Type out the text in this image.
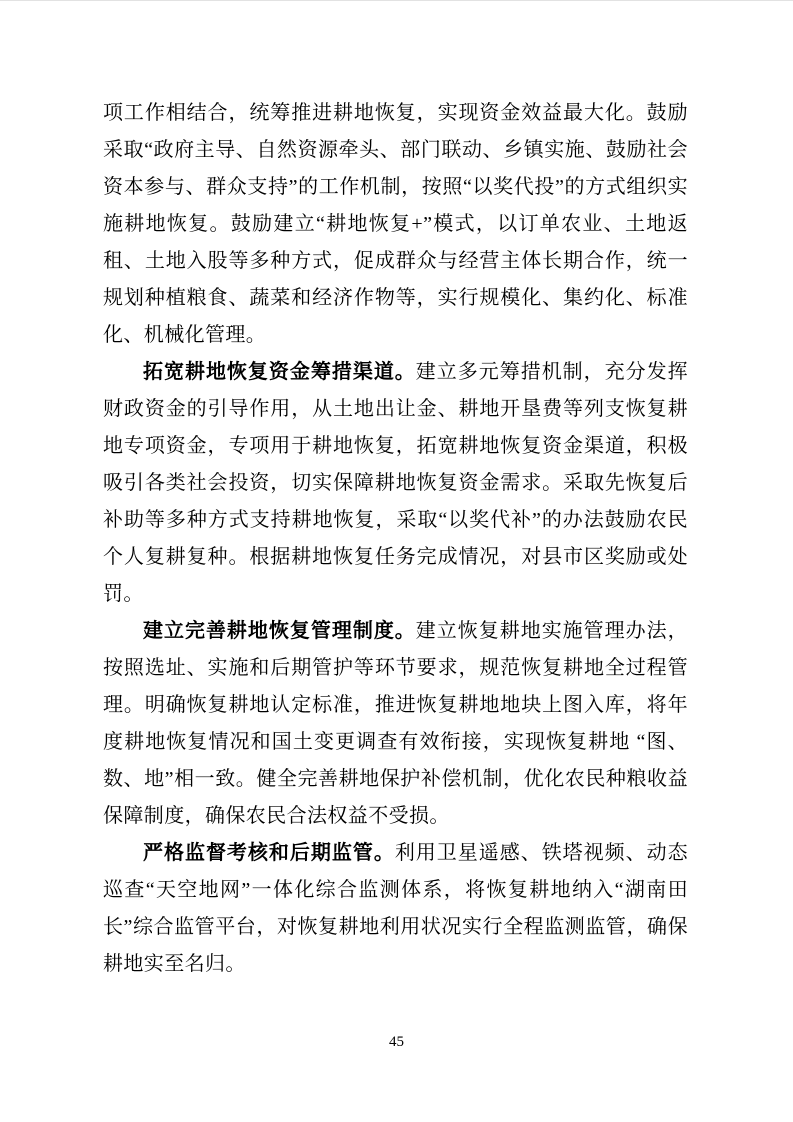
项工作相结合，统筹推进耕地恢复，实现资金效益最大化。鼓励采取“政府主导、自然资源牵头、部门联动、乡镇实施、鼓励社会资本参与、群众支持”的工作机制，按照“以奖代投”的方式组织实施耕地恢复。鼓励建立“耕地恢复+”模式，以订单农业、土地返租、土地入股等多种方式，促成群众与经营主体长期合作，统一规划种植粮食、蔬菜和经济作物等，实行规模化、集约化、标准化、机械化管理。

拓宽耕地恢复资金筹措渠道。建立多元筹措机制，充分发挥财政资金的引导作用，从土地出让金、耕地开垦费等列支恢复耕地专项资金，专项用于耕地恢复，拓宽耕地恢复资金渠道，积极吸引各类社会投资，切实保障耕地恢复资金需求。采取先恢复后补助等多种方式支持耕地恢复，采取“以奖代补”的办法鼓励农民个人复耕复种。根据耕地恢复任务完成情况，对县市区奖励或处罚。

建立完善耕地恢复管理制度。建立恢复耕地实施管理办法，按照选址、实施和后期管护等环节要求，规范恢复耕地全过程管理。明确恢复耕地认定标准，推进恢复耕地地块上图入库，将年度耕地恢复情况和国土变更调查有效衔接，实现恢复耕地 “图、数、地”相一致。健全完善耕地保护补偿机制，优化农民种粮收益保障制度，确保农民合法权益不受损。

严格监督考核和后期监管。利用卫星遥感、铁塔视频、动态巡查“天空地网”一体化综合监测体系，将恢复耕地纳入“湖南田长”综合监管平台，对恢复耕地利用状况实行全程监测监管，确保耕地实至名归。

45
